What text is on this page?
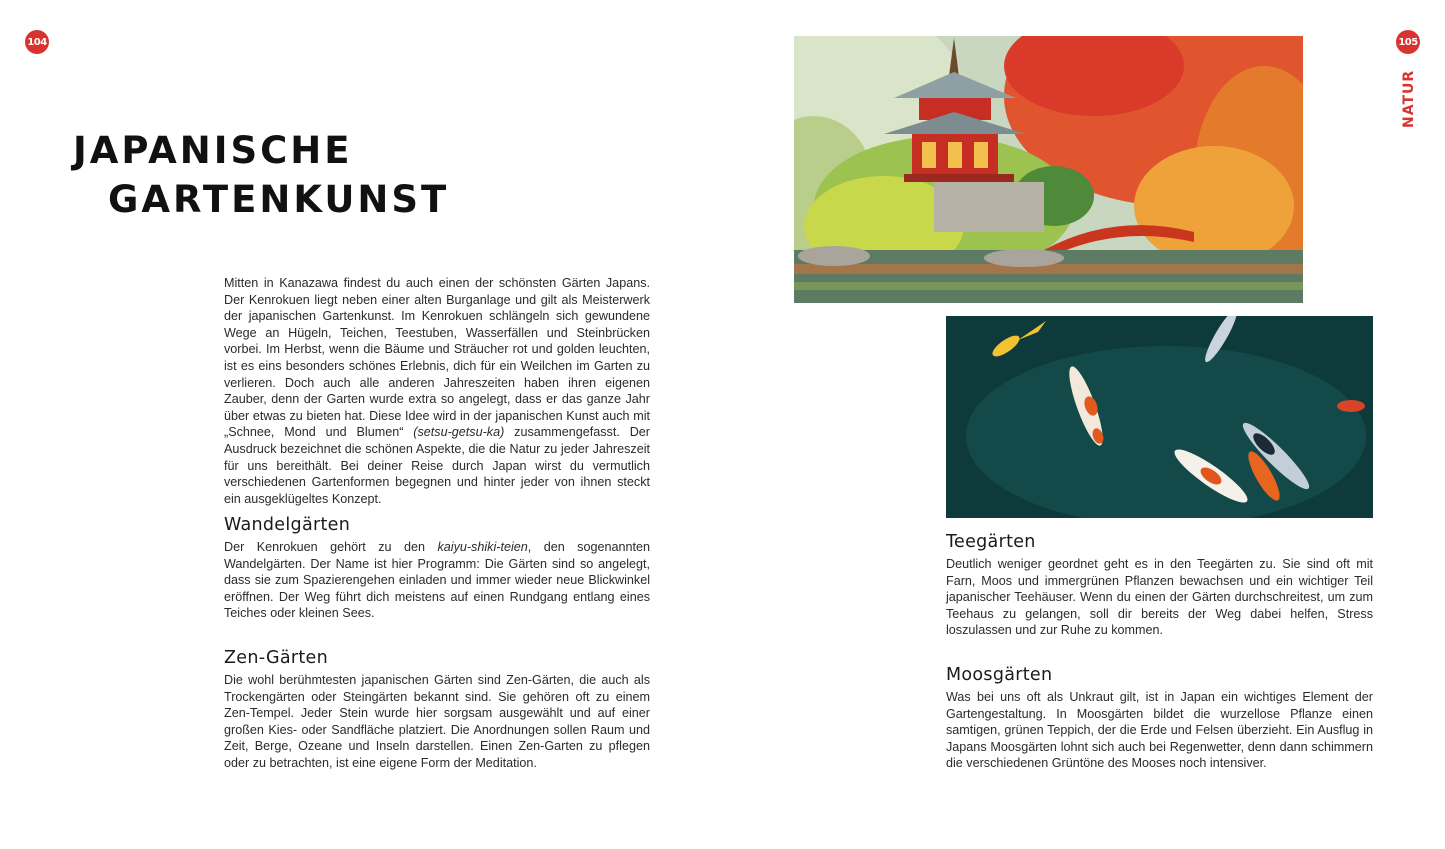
104	105
NATUR
JAPANISCHE
GARTENKUNST

Mitten in Kanazawa findest du auch einen der schönsten Gärten Japans. Der Kenrokuen liegt neben einer alten Burganlage und gilt als Meisterwerk der japanischen Gartenkunst. Im Kenrokuen schlängeln sich gewundene Wege an Hügeln, Teichen, Teestuben, Wasserfällen und Steinbrücken vorbei. Im Herbst, wenn die Bäume und Sträucher rot und golden leuchten, ist es eins besonders schönes Erlebnis, dich für ein Weilchen im Garten zu verlieren. Doch auch alle anderen Jahreszeiten haben ihren eigenen Zauber, denn der Garten wurde extra so angelegt, dass er das ganze Jahr über etwas zu bieten hat. Diese Idee wird in der japanischen Kunst auch mit „Schnee, Mond und Blumen“ (setsu-getsu-ka) zusammengefasst. Der Ausdruck bezeichnet die schönen Aspekte, die die Natur zu jeder Jahreszeit für uns bereithält. Bei deiner Reise durch Japan wirst du vermutlich verschiedenen Gartenformen begegnen und hinter jeder von ihnen steckt ein ausgeklügeltes Konzept.

Wandelgärten

Der Kenrokuen gehört zu den kaiyu-shiki-teien, den sogenannten Wandelgärten. Der Name ist hier Programm: Die Gärten sind so angelegt, dass sie zum Spazierengehen einladen und immer wieder neue Blickwinkel eröffnen. Der Weg führt dich meistens auf einen Rundgang entlang eines Teiches oder kleinen Sees.

Zen-Gärten

Die wohl berühmtesten japanischen Gärten sind Zen-Gärten, die auch als Trockengärten oder Steingärten bekannt sind. Sie gehören oft zu einem Zen-Tempel. Jeder Stein wurde hier sorgsam ausgewählt und auf einer großen Kies- oder Sandfläche platziert. Die Anordnungen sollen Raum und Zeit, Berge, Ozeane und Inseln darstellen. Einen Zen-Garten zu pflegen oder zu betrachten, ist eine eigene Form der Meditation.

Teegärten

Deutlich weniger geordnet geht es in den Teegärten zu. Sie sind oft mit Farn, Moos und immergrünen Pflanzen bewachsen und ein wichtiger Teil japanischer Teehäuser. Wenn du einen der Gärten durchschreitest, um zum Teehaus zu gelangen, soll dir bereits der Weg dabei helfen, Stress loszulassen und zur Ruhe zu kommen.

Moosgärten

Was bei uns oft als Unkraut gilt, ist in Japan ein wichtiges Element der Gartengestaltung. In Moosgärten bildet die wurzellose Pflanze einen samtigen, grünen Teppich, der die Erde und Felsen überzieht. Ein Ausflug in Japans Moosgärten lohnt sich auch bei Regenwetter, denn dann schimmern die verschiedenen Grüntöne des Mooses noch intensiver.
